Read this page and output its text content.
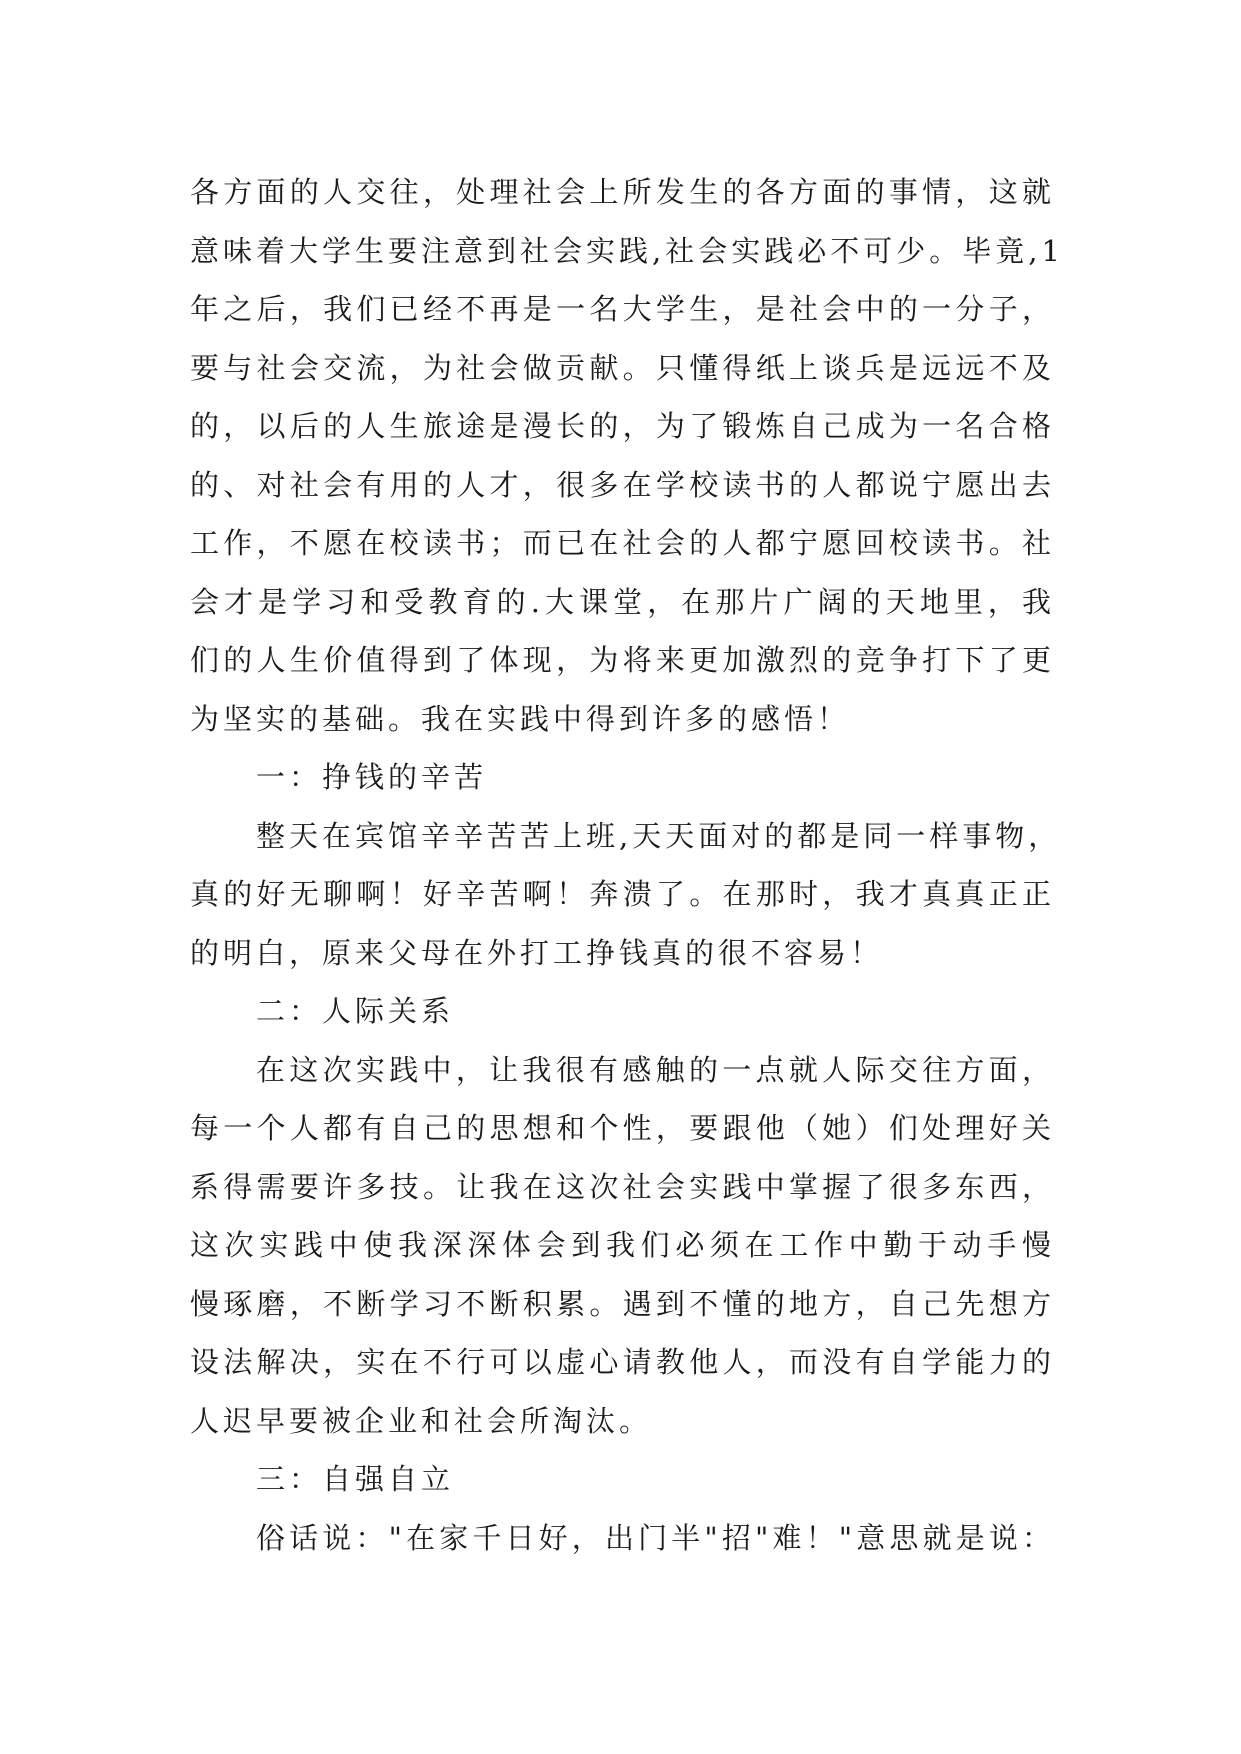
各方面的人交往，处理社会上所发生的各方面的事情，这就
意味着大学生要注意到社会实践,社会实践必不可少。毕竟,1
年之后，我们已经不再是一名大学生，是社会中的一分子，
要与社会交流，为社会做贡献。只懂得纸上谈兵是远远不及
的，以后的人生旅途是漫长的，为了锻炼自己成为一名合格
的、对社会有用的人才，很多在学校读书的人都说宁愿出去
工作，不愿在校读书；而已在社会的人都宁愿回校读书。社
会才是学习和受教育的.大课堂，在那片广阔的天地里，我
们的人生价值得到了体现，为将来更加激烈的竞争打下了更
为坚实的基础。我在实践中得到许多的感悟！
一：挣钱的辛苦
整天在宾馆辛辛苦苦上班,天天面对的都是同一样事物，
真的好无聊啊！好辛苦啊！奔溃了。在那时，我才真真正正
的明白，原来父母在外打工挣钱真的很不容易！
二：人际关系
在这次实践中，让我很有感触的一点就人际交往方面，
每一个人都有自己的思想和个性，要跟他（她）们处理好关
系得需要许多技。让我在这次社会实践中掌握了很多东西，
这次实践中使我深深体会到我们必须在工作中勤于动手慢
慢琢磨，不断学习不断积累。遇到不懂的地方，自己先想方
设法解决，实在不行可以虚心请教他人，而没有自学能力的
人迟早要被企业和社会所淘汰。
三：自强自立
俗话说："在家千日好，出门半"招"难！"意思就是说：
